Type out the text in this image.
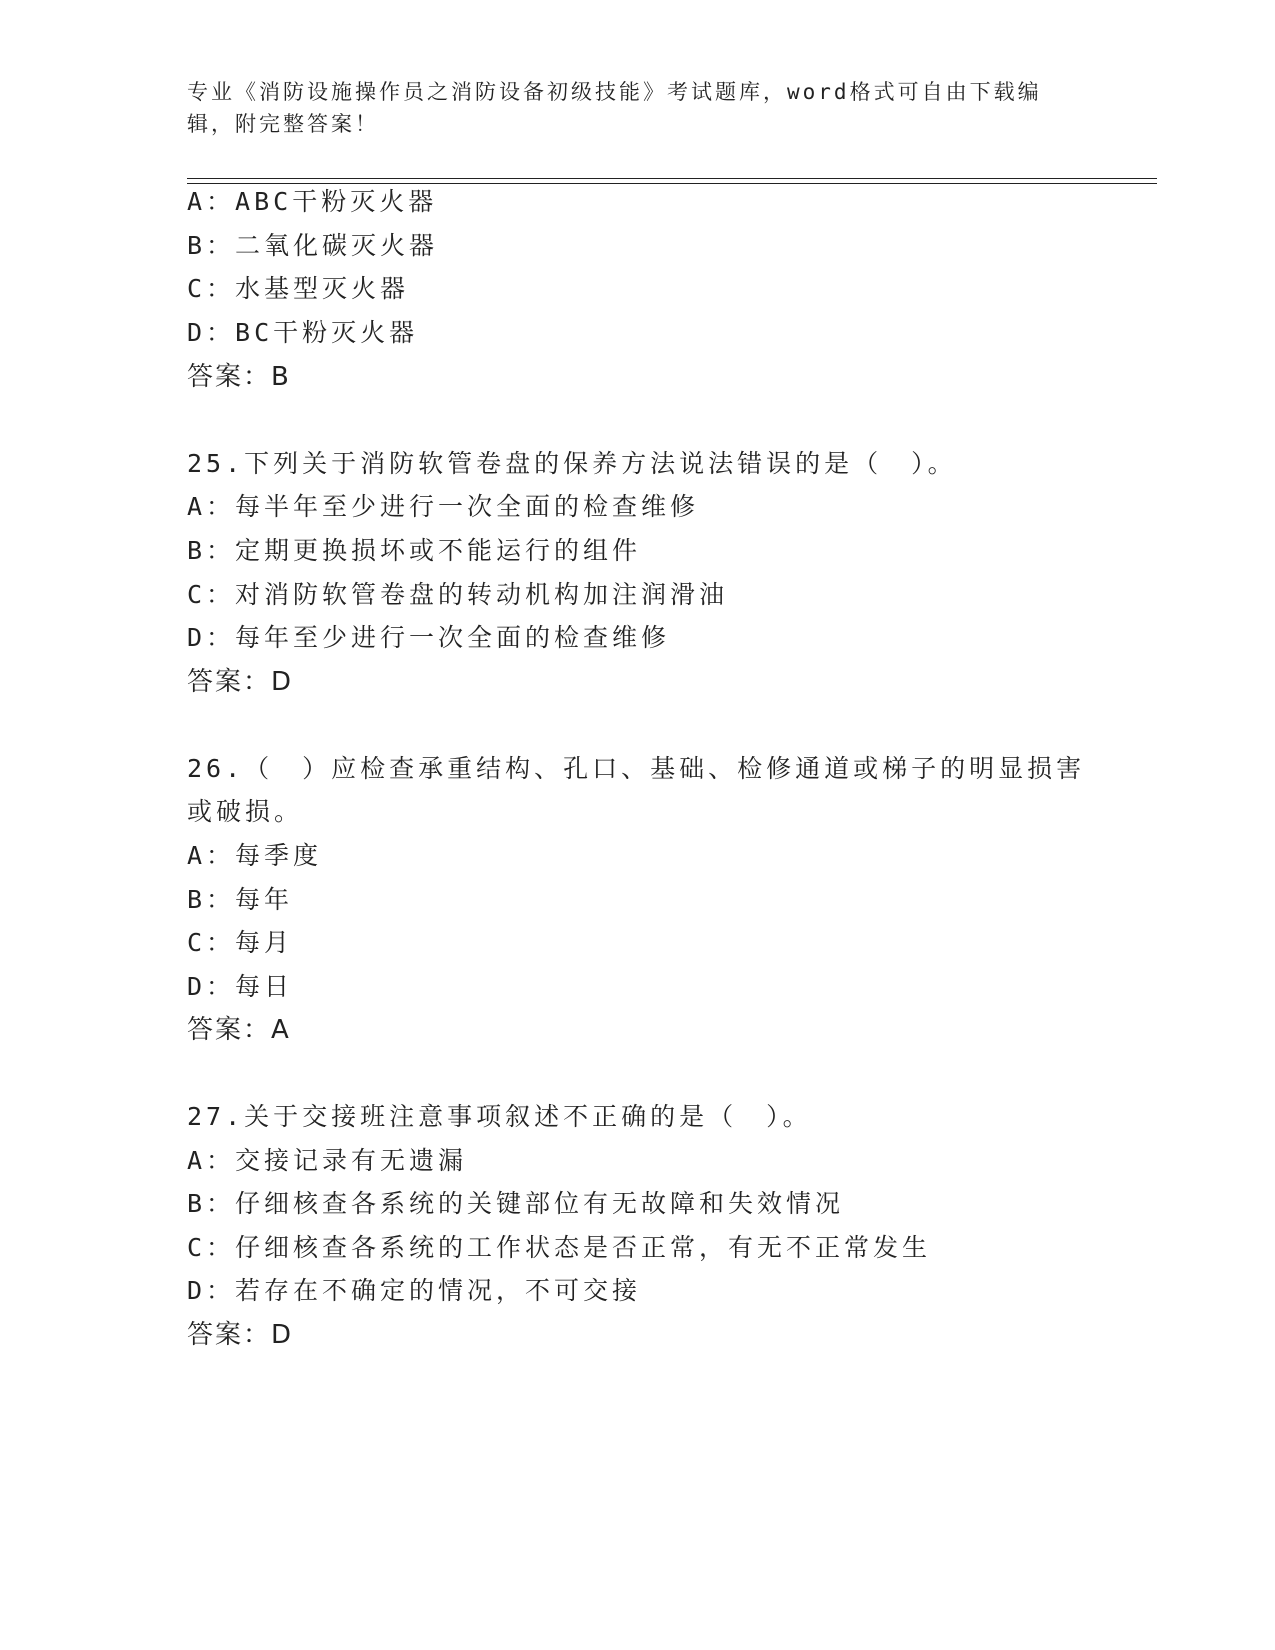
专业《消防设施操作员之消防设备初级技能》考试题库，word格式可自由下载编辑，附完整答案！
A：ABC干粉灭火器
B：二氧化碳灭火器
C：水基型灭火器
D：BC干粉灭火器
答案：B
25.下列关于消防软管卷盘的保养方法说法错误的是（　）。
A：每半年至少进行一次全面的检查维修
B：定期更换损坏或不能运行的组件
C：对消防软管卷盘的转动机构加注润滑油
D：每年至少进行一次全面的检查维修
答案：D
26.（　）应检查承重结构、孔口、基础、检修通道或梯子的明显损害
或破损。
A：每季度
B：每年
C：每月
D：每日
答案：A
27.关于交接班注意事项叙述不正确的是（　）。
A：交接记录有无遗漏
B：仔细核查各系统的关键部位有无故障和失效情况
C：仔细核查各系统的工作状态是否正常，有无不正常发生
D：若存在不确定的情况，不可交接
答案：D
